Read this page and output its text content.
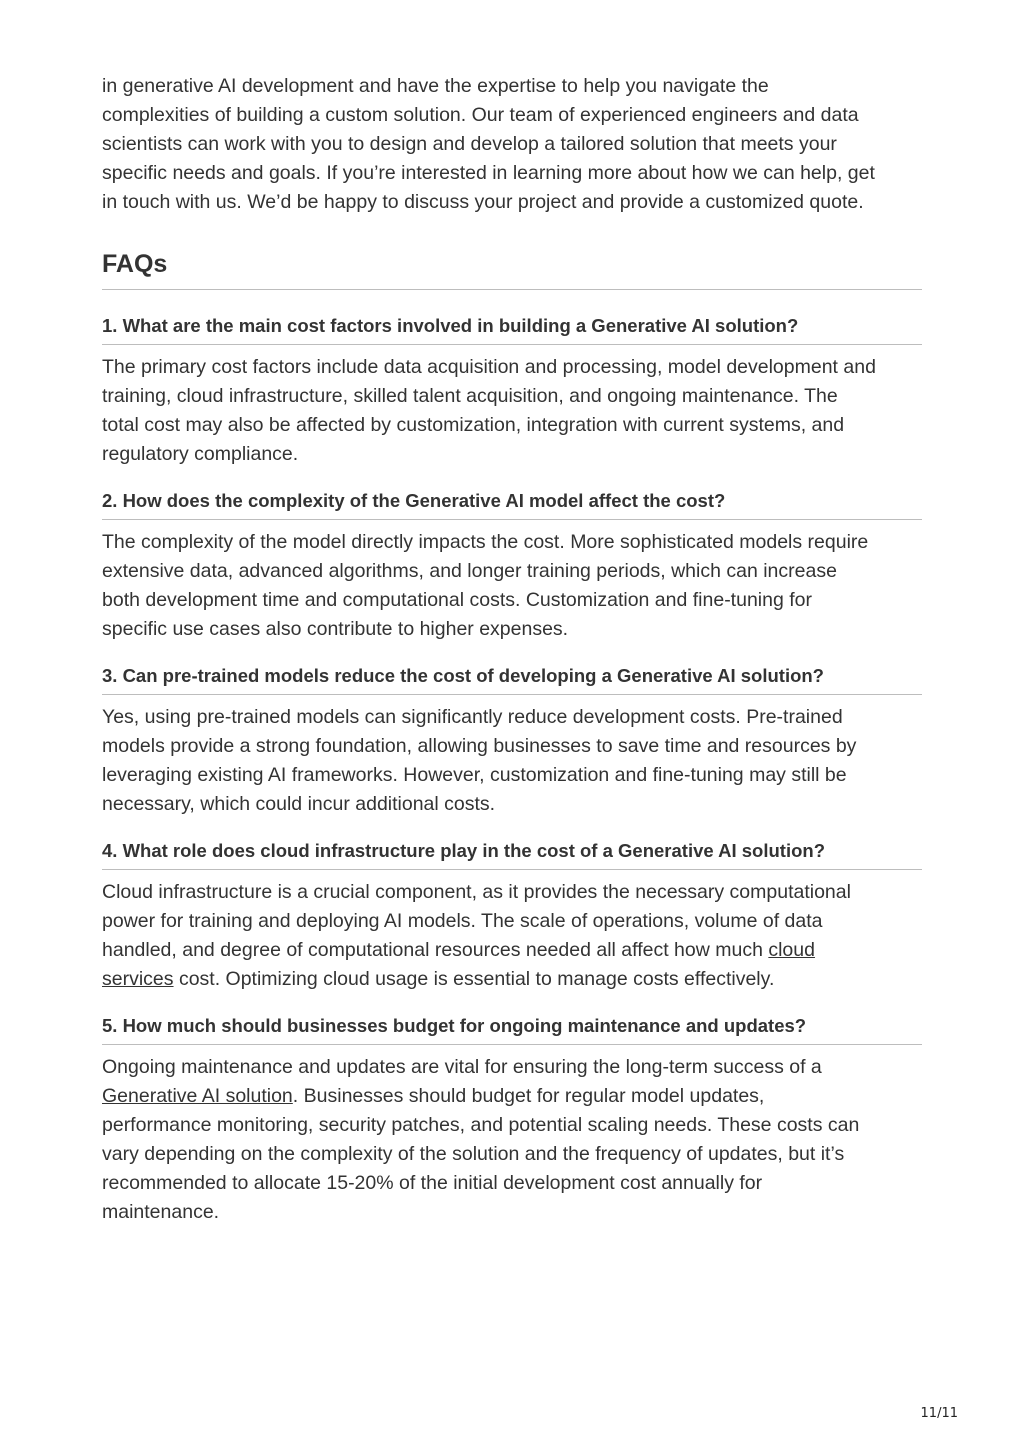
in generative AI development and have the expertise to help you navigate the
complexities of building a custom solution. Our team of experienced engineers and data
scientists can work with you to design and develop a tailored solution that meets your
specific needs and goals. If you’re interested in learning more about how we can help, get
in touch with us. We’d be happy to discuss your project and provide a customized quote.

FAQs

1. What are the main cost factors involved in building a Generative AI solution?

The primary cost factors include data acquisition and processing, model development and
training, cloud infrastructure, skilled talent acquisition, and ongoing maintenance. The
total cost may also be affected by customization, integration with current systems, and
regulatory compliance.

2. How does the complexity of the Generative AI model affect the cost?

The complexity of the model directly impacts the cost. More sophisticated models require
extensive data, advanced algorithms, and longer training periods, which can increase
both development time and computational costs. Customization and fine-tuning for
specific use cases also contribute to higher expenses.

3. Can pre-trained models reduce the cost of developing a Generative AI solution?

Yes, using pre-trained models can significantly reduce development costs. Pre-trained
models provide a strong foundation, allowing businesses to save time and resources by
leveraging existing AI frameworks. However, customization and fine-tuning may still be
necessary, which could incur additional costs.

4. What role does cloud infrastructure play in the cost of a Generative AI solution?

Cloud infrastructure is a crucial component, as it provides the necessary computational
power for training and deploying AI models. The scale of operations, volume of data
handled, and degree of computational resources needed all affect how much cloud
services cost. Optimizing cloud usage is essential to manage costs effectively.

5. How much should businesses budget for ongoing maintenance and updates?

Ongoing maintenance and updates are vital for ensuring the long-term success of a
Generative AI solution. Businesses should budget for regular model updates,
performance monitoring, security patches, and potential scaling needs. These costs can
vary depending on the complexity of the solution and the frequency of updates, but it’s
recommended to allocate 15-20% of the initial development cost annually for
maintenance.

11/11
